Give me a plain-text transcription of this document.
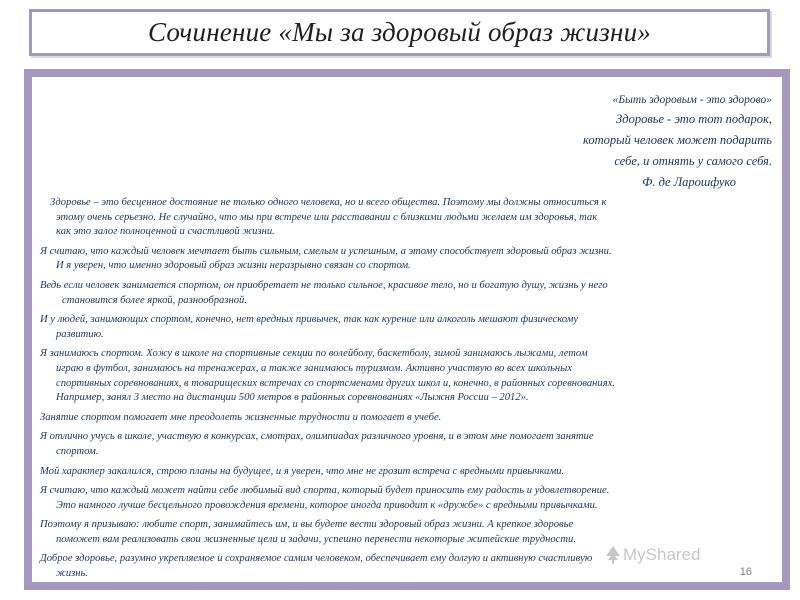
Сочинение «Мы за здоровый образ жизни»
«Быть здоровым - это здорово»
Здоровье - это тот подарок,
который человек может подарить
себе, и отнять у самого себя.
Ф. де Ларошфуко
Здоровье – это бесценное достояние не только одного человека, но и всего общества. Поэтому мы должны относиться к
этому очень серьезно. Не случайно, что мы при встрече или расставании с близкими людьми желаем им здоровья, так
как это залог полноценной и счастливой жизни.
Я считаю, что каждый человек мечтает быть сильным, смелым и успешным, а этому способствует здоровый образ жизни.
И я уверен, что именно здоровый образ жизни неразрывно связан со спортом.
Ведь если человек занимается спортом, он приобретает не только сильное, красивое тело, но и богатую душу, жизнь у него
становится более яркой, разнообразной.
И у людей, занимающих спортом, конечно, нет вредных привычек, так как курение или алкоголь мешают физическому
развитию.
Я занимаюсь спортом. Хожу в школе на спортивные секции по волейболу, баскетболу, зимой занимаюсь лыжами, летом
играю в футбол, занимаюсь на тренажерах, а также занимаюсь туризмом. Активно участвую во всех школьных
спортивных соревнованиях, в товарищеских встречах со спортсменами других школ и, конечно, в районных соревнованиях.
Например, занял 3 место на дистанции 500 метров в районных соревнованиях «Лыжня России – 2012».
Занятие спортом помогает мне преодолеть жизненные трудности и помогает в учебе.
Я отлично учусь в школе, участвую в конкурсах, смотрах, олимпиадах различного уровня, и в этом мне помогает занятие
спортом.
Мой характер закалился, строю планы на будущее, и я уверен, что мне не грозит встреча с вредными привычками.
Я считаю, что каждый может найти себе любимый вид спорта, который будет приносить ему радость и удовлетворение.
Это намного лучше бесцельного провождения времени, которое иногда приводит к «дружбе» с вредными привычками.
Поэтому я призываю: любите спорт, занимайтесь им, и вы будете вести здоровый образ жизни. А крепкое здоровье
поможет вам реализовать свои жизненные цели и задачи, успешно перенести некоторые житейские трудности.
Доброе здоровье, разумно укрепляемое и сохраняемое самим человеком, обеспечивает ему долгую и активную счастливую
жизнь.
MyShared
16
